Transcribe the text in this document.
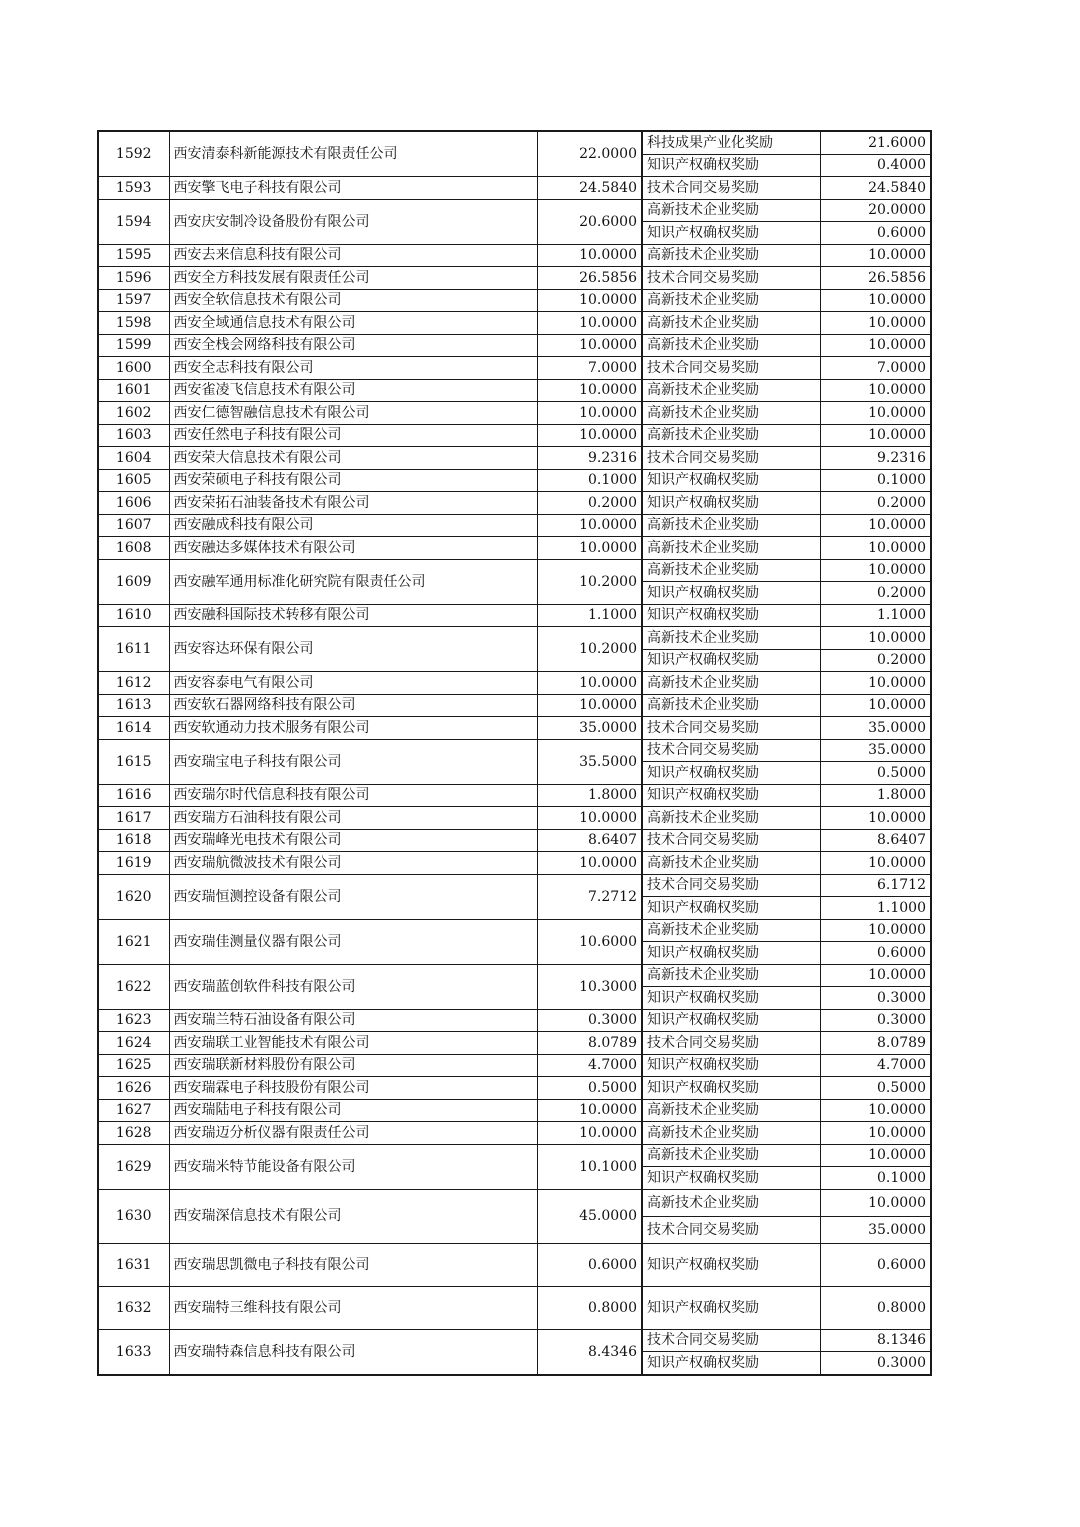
1592	西安清泰科新能源技术有限责任公司	22.0000	科技成果产业化奖励	21.6000
			知识产权确权奖励	0.4000
1593	西安擎飞电子科技有限公司	24.5840	技术合同交易奖励	24.5840
1594	西安庆安制冷设备股份有限公司	20.6000	高新技术企业奖励	20.0000
			知识产权确权奖励	0.6000
1595	西安去来信息科技有限公司	10.0000	高新技术企业奖励	10.0000
1596	西安全方科技发展有限责任公司	26.5856	技术合同交易奖励	26.5856
1597	西安全软信息技术有限公司	10.0000	高新技术企业奖励	10.0000
1598	西安全域通信息技术有限公司	10.0000	高新技术企业奖励	10.0000
1599	西安全栈会网络科技有限公司	10.0000	高新技术企业奖励	10.0000
1600	西安全志科技有限公司	7.0000	技术合同交易奖励	7.0000
1601	西安雀凌飞信息技术有限公司	10.0000	高新技术企业奖励	10.0000
1602	西安仁德智融信息技术有限公司	10.0000	高新技术企业奖励	10.0000
1603	西安任然电子科技有限公司	10.0000	高新技术企业奖励	10.0000
1604	西安荣大信息技术有限公司	9.2316	技术合同交易奖励	9.2316
1605	西安荣硕电子科技有限公司	0.1000	知识产权确权奖励	0.1000
1606	西安荣拓石油装备技术有限公司	0.2000	知识产权确权奖励	0.2000
1607	西安融成科技有限公司	10.0000	高新技术企业奖励	10.0000
1608	西安融达多媒体技术有限公司	10.0000	高新技术企业奖励	10.0000
1609	西安融军通用标准化研究院有限责任公司	10.2000	高新技术企业奖励	10.0000
			知识产权确权奖励	0.2000
1610	西安融科国际技术转移有限公司	1.1000	知识产权确权奖励	1.1000
1611	西安容达环保有限公司	10.2000	高新技术企业奖励	10.0000
			知识产权确权奖励	0.2000
1612	西安容泰电气有限公司	10.0000	高新技术企业奖励	10.0000
1613	西安软石器网络科技有限公司	10.0000	高新技术企业奖励	10.0000
1614	西安软通动力技术服务有限公司	35.0000	技术合同交易奖励	35.0000
1615	西安瑞宝电子科技有限公司	35.5000	技术合同交易奖励	35.0000
			知识产权确权奖励	0.5000
1616	西安瑞尔时代信息科技有限公司	1.8000	知识产权确权奖励	1.8000
1617	西安瑞方石油科技有限公司	10.0000	高新技术企业奖励	10.0000
1618	西安瑞峰光电技术有限公司	8.6407	技术合同交易奖励	8.6407
1619	西安瑞航微波技术有限公司	10.0000	高新技术企业奖励	10.0000
1620	西安瑞恒测控设备有限公司	7.2712	技术合同交易奖励	6.1712
			知识产权确权奖励	1.1000
1621	西安瑞佳测量仪器有限公司	10.6000	高新技术企业奖励	10.0000
			知识产权确权奖励	0.6000
1622	西安瑞蓝创软件科技有限公司	10.3000	高新技术企业奖励	10.0000
			知识产权确权奖励	0.3000
1623	西安瑞兰特石油设备有限公司	0.3000	知识产权确权奖励	0.3000
1624	西安瑞联工业智能技术有限公司	8.0789	技术合同交易奖励	8.0789
1625	西安瑞联新材料股份有限公司	4.7000	知识产权确权奖励	4.7000
1626	西安瑞霖电子科技股份有限公司	0.5000	知识产权确权奖励	0.5000
1627	西安瑞陆电子科技有限公司	10.0000	高新技术企业奖励	10.0000
1628	西安瑞迈分析仪器有限责任公司	10.0000	高新技术企业奖励	10.0000
1629	西安瑞米特节能设备有限公司	10.1000	高新技术企业奖励	10.0000
			知识产权确权奖励	0.1000
1630	西安瑞深信息技术有限公司	45.0000	高新技术企业奖励	10.0000
			技术合同交易奖励	35.0000
1631	西安瑞思凯微电子科技有限公司	0.6000	知识产权确权奖励	0.6000
1632	西安瑞特三维科技有限公司	0.8000	知识产权确权奖励	0.8000
1633	西安瑞特森信息科技有限公司	8.4346	技术合同交易奖励	8.1346
			知识产权确权奖励	0.3000
